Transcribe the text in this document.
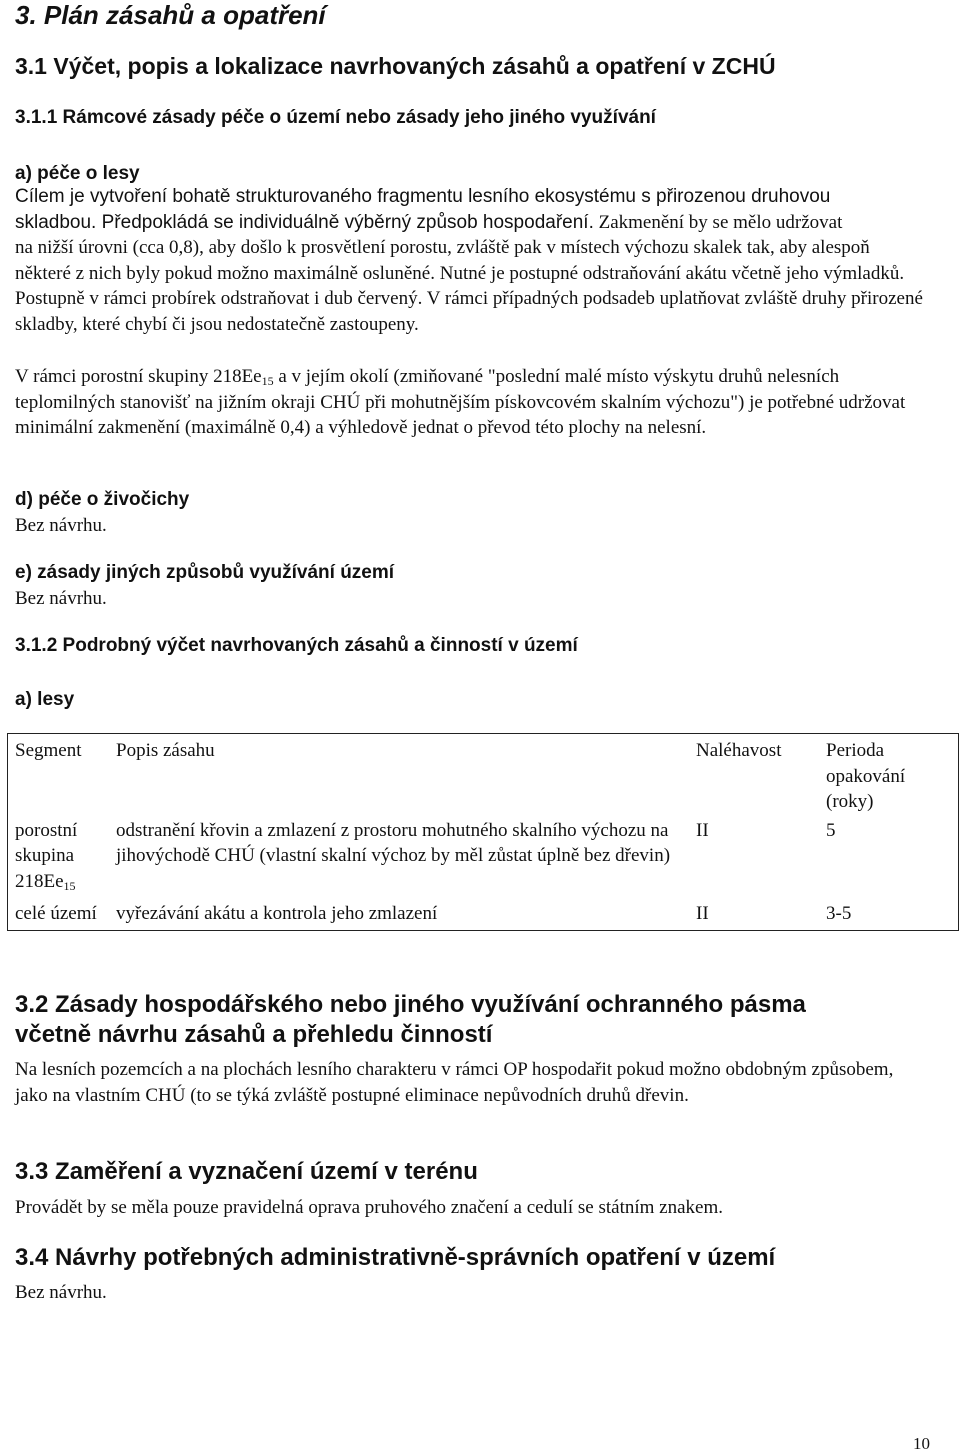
3. Plán zásahů a opatření
3.1 Výčet, popis a lokalizace navrhovaných zásahů a opatření v ZCHÚ
3.1.1 Rámcové zásady péče o území nebo zásady jeho jiného využívání
a) péče o lesy
Cílem je vytvoření bohatě strukturovaného fragmentu lesního ekosystému s přirozenou druhovou
skladbou. Předpokládá se individuálně výběrný způsob hospodaření. Zakmenění by se mělo udržovat
na nižší úrovni (cca 0,8), aby došlo k prosvětlení porostu, zvláště pak v místech výchozu skalek tak, aby alespoň některé z nich byly pokud možno maximálně osluněné. Nutné je postupné odstraňování akátu včetně jeho výmladků. Postupně v rámci probírek odstraňovat i dub červený. V rámci případných podsadeb uplatňovat zvláště druhy přirozené skladby, které chybí či jsou nedostatečně zastoupeny.
V rámci porostní skupiny $218Ee_{15}$ a v jejím okolí (zmiňované "poslední malé místo výskytu druhů nelesních teplomilných stanovišť na jižním okraji CHÚ při mohutnějším pískovcovém skalním výchozu") je potřebné udržovat minimální zakmenění (maximálně 0,4) a výhledově jednat o převod této plochy na nelesní.
d) péče o živočichy
Bez návrhu.
e) zásady jiných způsobů využívání území
Bez návrhu.
3.1.2 Podrobný výčet navrhovaných zásahů a činností v území
a) lesy
Segment	Popis zásahu	Naléhavost	Perioda opakování (roky)
porostní skupina $218Ee_{15}$	odstranění křovin a zmlazení z prostoru mohutného skalního výchozu na jihovýchodě CHÚ (vlastní skalní výchoz by měl zůstat úplně bez dřevin)	II	5
celé území	vyřezávání akátu a kontrola jeho zmlazení	II	3-5
3.2 Zásady hospodářského nebo jiného využívání ochranného pásma
včetně návrhu zásahů a přehledu činností
Na lesních pozemcích a na plochách lesního charakteru v rámci OP hospodařit pokud možno obdobným způsobem, jako na vlastním CHÚ (to se týká zvláště postupné eliminace nepůvodních druhů dřevin.
3.3 Zaměření a vyznačení území v terénu
Provádět by se měla pouze pravidelná oprava pruhového značení a cedulí se státním znakem.
3.4 Návrhy potřebných administrativně-správních opatření v území
Bez návrhu.
10
